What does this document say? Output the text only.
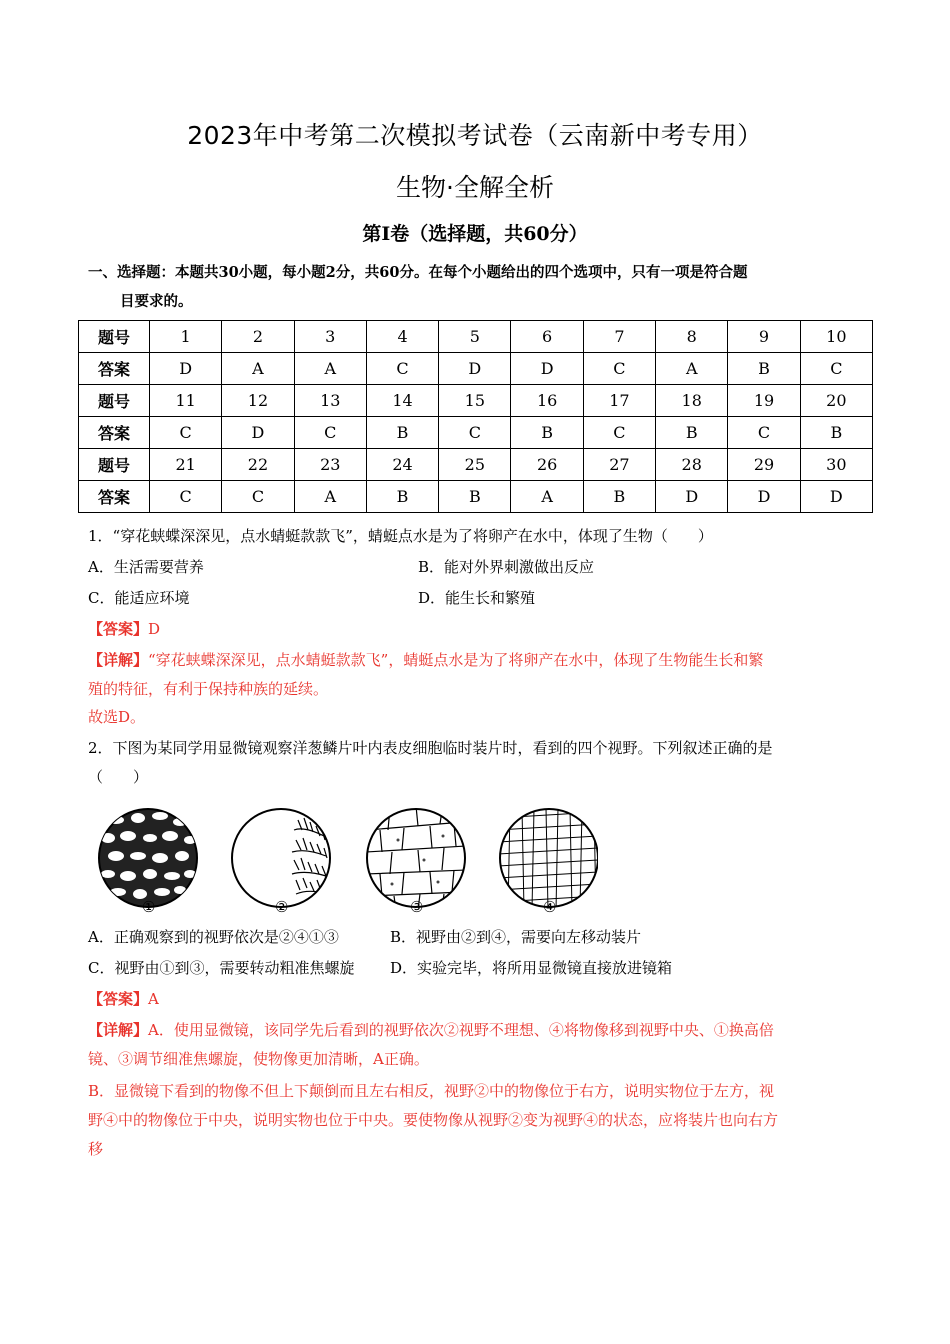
2023年中考第二次模拟考试卷（云南新中考专用）
生物·全解全析
第Ⅰ卷（选择题，共60分）
一、选择题：本题共30小题，每小题2分，共60分。在每个小题给出的四个选项中，只有一项是符合题
目要求的。
题号	1	2	3	4	5	6	7	8	9	10
答案	D	A	A	C	D	D	C	A	B	C
题号	11	12	13	14	15	16	17	18	19	20
答案	C	D	C	B	C	B	C	B	C	B
题号	21	22	23	24	25	26	27	28	29	30
答案	C	C	A	B	B	A	B	D	D	D
1．“穿花蛱蝶深深见，点水蜻蜓款款飞”，蜻蜓点水是为了将卵产在水中，体现了生物（　　）
A．生活需要营养	B．能对外界刺激做出反应
C．能适应环境	D．能生长和繁殖
【答案】D
【详解】“穿花蛱蝶深深见，点水蜻蜓款款飞”，蜻蜓点水是为了将卵产在水中，体现了生物能生长和繁
殖的特征，有利于保持种族的延续。
故选D。
2．下图为某同学用显微镜观察洋葱鳞片叶内表皮细胞临时装片时，看到的四个视野。下列叙述正确的是
（　　）
①	②	③	④
A．正确观察到的视野依次是②④①③	B．视野由②到④，需要向左移动装片
C．视野由①到③，需要转动粗准焦螺旋 D．实验完毕，将所用显微镜直接放进镜箱
【答案】A
【详解】A．使用显微镜，该同学先后看到的视野依次②视野不理想、④将物像移到视野中央、①换高倍
镜、③调节细准焦螺旋，使物像更加清晰，A正确。
B．显微镜下看到的物像不但上下颠倒而且左右相反，视野②中的物像位于右方，说明实物位于左方，视
野④中的物像位于中央，说明实物也位于中央。要使物像从视野②变为视野④的状态，应将装片也向右方
移
